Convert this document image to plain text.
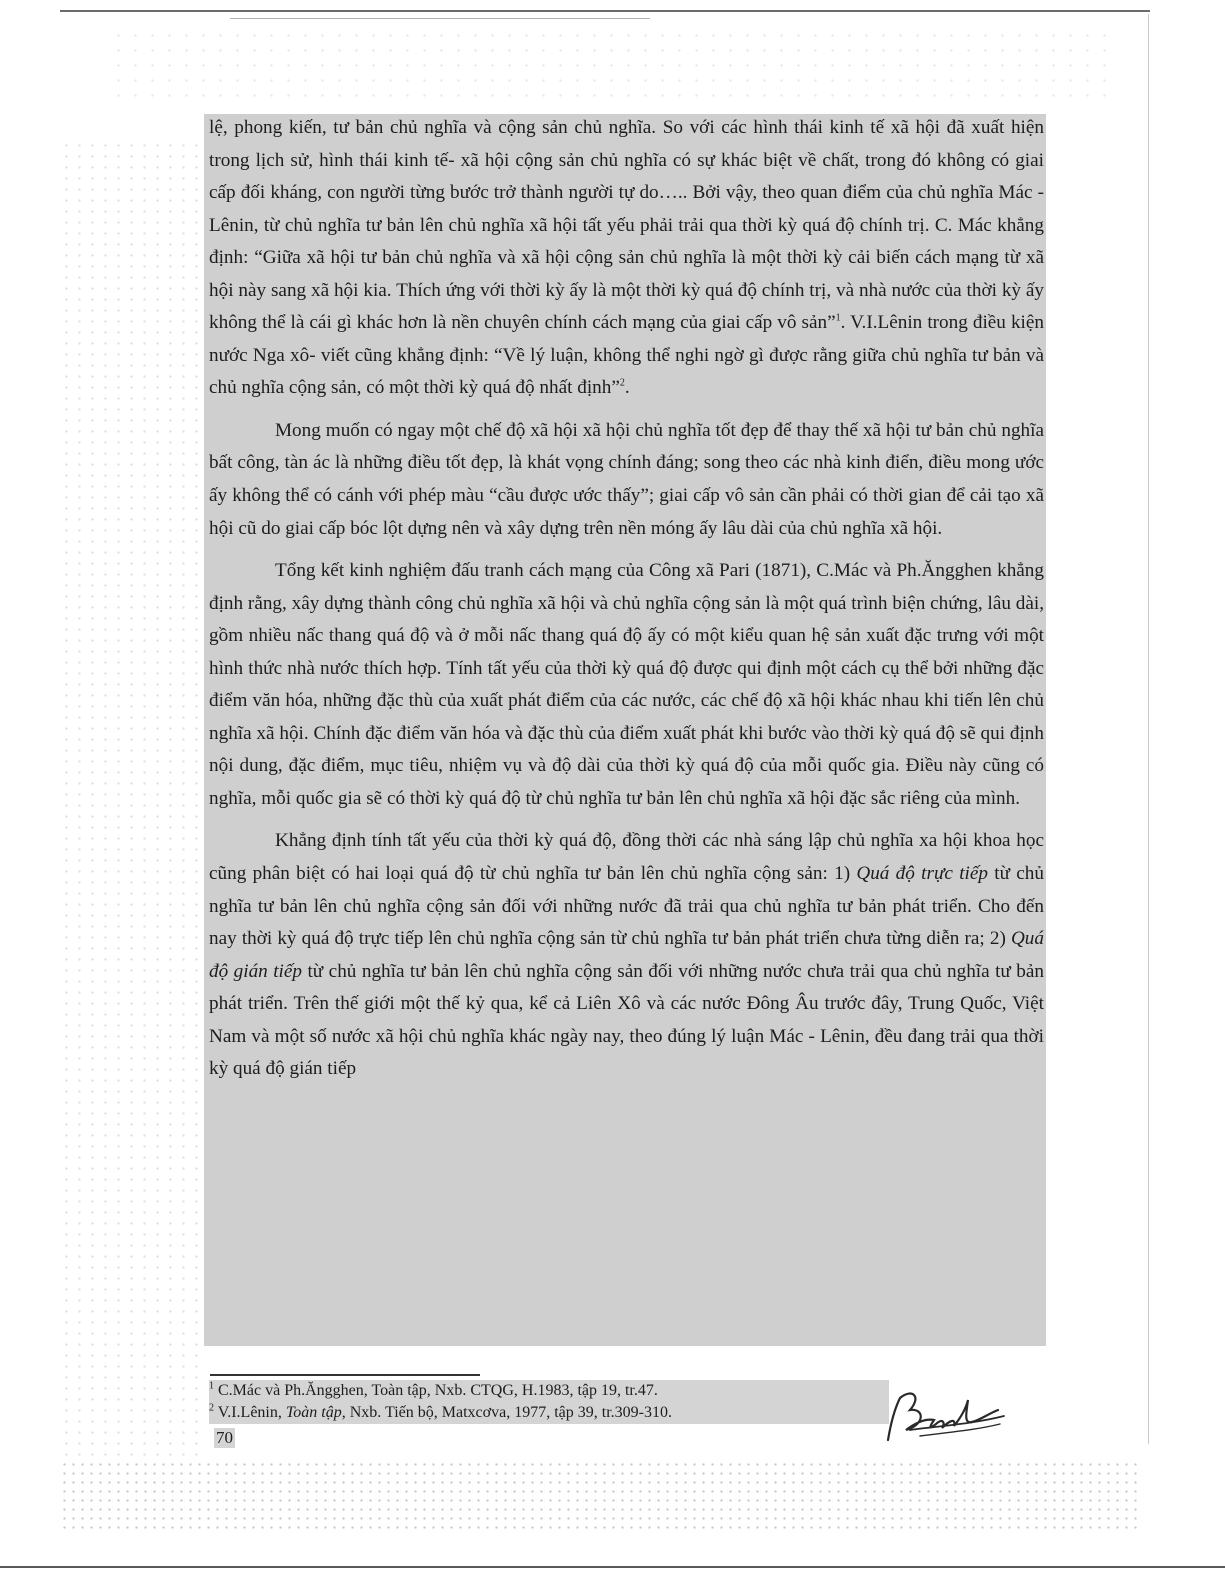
lệ, phong kiến, tư bản chủ nghĩa và cộng sản chủ nghĩa. So với các hình thái kinh tế xã hội đã xuất hiện trong lịch sử, hình thái kinh tế- xã hội cộng sản chủ nghĩa có sự khác biệt về chất, trong đó không có giai cấp đối kháng, con người từng bước trở thành người tự do….. Bởi vậy, theo quan điểm của chủ nghĩa Mác - Lênin, từ chủ nghĩa tư bản lên chủ nghĩa xã hội tất yếu phải trải qua thời kỳ quá độ chính trị. C. Mác khẳng định: “Giữa xã hội tư bản chủ nghĩa và xã hội cộng sản chủ nghĩa là một thời kỳ cải biến cách mạng từ xã hội này sang xã hội kia. Thích ứng với thời kỳ ấy là một thời kỳ quá độ chính trị, và nhà nước của thời kỳ ấy không thể là cái gì khác hơn là nền chuyên chính cách mạng của giai cấp vô sản”$^1$. V.I.Lênin trong điều kiện nước Nga xô- viết cũng khẳng định: “Về lý luận, không thể nghi ngờ gì được rằng giữa chủ nghĩa tư bản và chủ nghĩa cộng sản, có một thời kỳ quá độ nhất định”$^2$.

Mong muốn có ngay một chế độ xã hội xã hội chủ nghĩa tốt đẹp để thay thế xã hội tư bản chủ nghĩa bất công, tàn ác là những điều tốt đẹp, là khát vọng chính đáng; song theo các nhà kinh điển, điều mong ước ấy không thể có cánh với phép màu “cầu được ước thấy”; giai cấp vô sản cần phải có thời gian để cải tạo xã hội cũ do giai cấp bóc lột dựng nên và xây dựng trên nền móng ấy lâu dài của chủ nghĩa xã hội.

Tổng kết kinh nghiệm đấu tranh cách mạng của Công xã Pari (1871), C.Mác và Ph.Ăngghen khẳng định rằng, xây dựng thành công chủ nghĩa xã hội và chủ nghĩa cộng sản là một quá trình biện chứng, lâu dài, gồm nhiều nấc thang quá độ và ở mỗi nấc thang quá độ ấy có một kiểu quan hệ sản xuất đặc trưng với một hình thức nhà nước thích hợp. Tính tất yếu của thời kỳ quá độ được qui định một cách cụ thể bởi những đặc điểm văn hóa, những đặc thù của xuất phát điểm của các nước, các chế độ xã hội khác nhau khi tiến lên chủ nghĩa xã hội. Chính đặc điểm văn hóa và đặc thù của điểm xuất phát khi bước vào thời kỳ quá độ sẽ qui định nội dung, đặc điểm, mục tiêu, nhiệm vụ và độ dài của thời kỳ quá độ của mỗi quốc gia. Điều này cũng có nghĩa, mỗi quốc gia sẽ có thời kỳ quá độ từ chủ nghĩa tư bản lên chủ nghĩa xã hội đặc sắc riêng của mình.

Khẳng định tính tất yếu của thời kỳ quá độ, đồng thời các nhà sáng lập chủ nghĩa xa hội khoa học cũng phân biệt có hai loại quá độ từ chủ nghĩa tư bản lên chủ nghĩa cộng sản: 1) Quá độ trực tiếp từ chủ nghĩa tư bản lên chủ nghĩa cộng sản đối với những nước đã trải qua chủ nghĩa tư bản phát triển. Cho đến nay thời kỳ quá độ trực tiếp lên chủ nghĩa cộng sản từ chủ nghĩa tư bản phát triển chưa từng diễn ra; 2) Quá độ gián tiếp từ chủ nghĩa tư bản lên chủ nghĩa cộng sản đối với những nước chưa trải qua chủ nghĩa tư bản phát triển. Trên thế giới một thế kỷ qua, kể cả Liên Xô và các nước Đông Âu trước đây, Trung Quốc, Việt Nam và một số nước xã hội chủ nghĩa khác ngày nay, theo đúng lý luận Mác - Lênin, đều đang trải qua thời kỳ quá độ gián tiếp

$^1$ C.Mác và Ph.Ăngghen, Toàn tập, Nxb. CTQG, H.1983, tập 19, tr.47.

$^2$ V.I.Lênin, Toàn tập, Nxb. Tiến bộ, Matxcơva, 1977, tập 39, tr.309-310.

70
